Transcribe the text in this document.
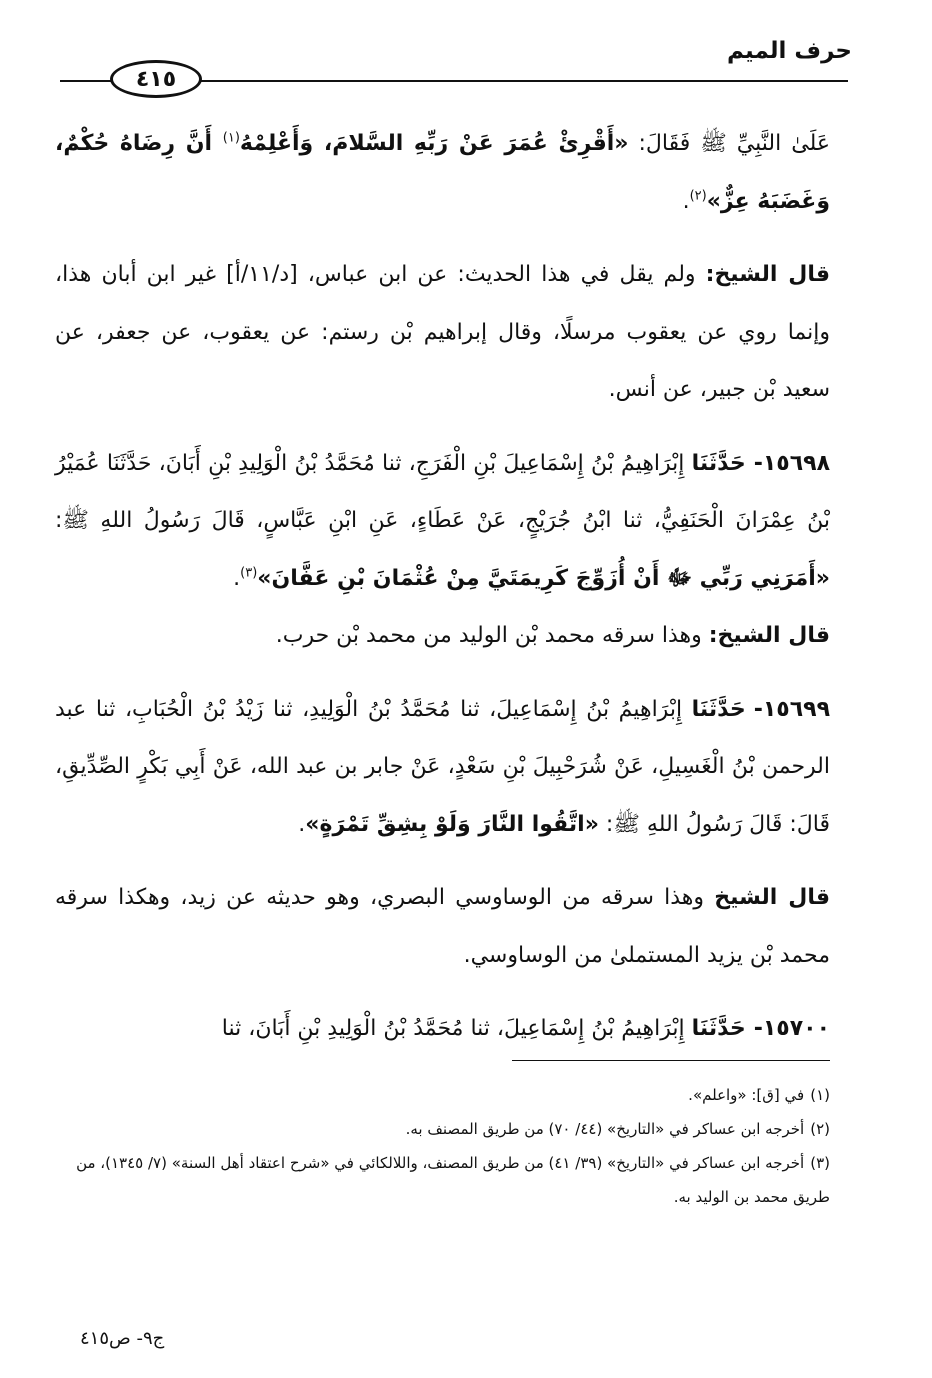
حرف الميم
٤١٥

عَلَىٰ النَّبِيِّ ﷺ فَقَالَ: «أَقْرِئْ عُمَرَ عَنْ رَبِّهِ السَّلامَ، وَأَعْلِمْهُ$^{(١)}$ أَنَّ رِضَاهُ حُكْمٌ، وَغَضَبَهُ عِزٌّ»$^{(٢)}$.

قال الشيخ: ولم يقل في هذا الحديث: عن ابن عباس، [د/١١/أ] غير ابن أبان هذا، وإنما روي عن يعقوب مرسلًا، وقال إبراهيم بْن رستم: عن يعقوب، عن جعفر، عن سعيد بْن جبير، عن أنس.

١٥٦٩٨-حَدَّثَنَا إِبْرَاهِيمُ بْنُ إِسْمَاعِيلَ بْنِ الْفَرَجِ، ثنا مُحَمَّدُ بْنُ الْوَلِيدِ بْنِ أَبَانَ، حَدَّثَنَا عُمَيْرُ بْنُ عِمْرَانَ الْحَنَفِيُّ، ثنا ابْنُ جُرَيْجٍ، عَنْ عَطَاءٍ، عَنِ ابْنِ عَبَّاسٍ، قَالَ رَسُولُ اللهِ ﷺ: «أَمَرَنِي رَبِّي ﷻ أَنْ أُزَوِّجَ كَرِيمَتَيَّ مِنْ عُثْمَانَ بْنِ عَفَّانَ»$^{(٣)}$.

قال الشيخ: وهذا سرقه محمد بْن الوليد من محمد بْن حرب.

١٥٦٩٩-حَدَّثَنَا إِبْرَاهِيمُ بْنُ إِسْمَاعِيلَ، ثنا مُحَمَّدُ بْنُ الْوَلِيدِ، ثنا زَيْدُ بْنُ الْحُبَابِ، ثنا عبد الرحمن بْنُ الْغَسِيلِ، عَنْ شُرَحْبِيلَ بْنِ سَعْدٍ، عَنْ جابر بن عبد الله، عَنْ أَبِي بَكْرٍ الصِّدِّيقِ، قَالَ: قَالَ رَسُولُ اللهِ ﷺ: «اتَّقُوا النَّارَ وَلَوْ بِشِقِّ تَمْرَةٍ».

قال الشيخ وهذا سرقه من الوساوسي البصري، وهو حديثه عن زيد، وهكذا سرقه محمد بْن يزيد المستملىٰ من الوساوسي.

١٥٧٠٠-حَدَّثَنَا إِبْرَاهِيمُ بْنُ إِسْمَاعِيلَ، ثنا مُحَمَّدُ بْنُ الْوَلِيدِ بْنِ أَبَانَ، ثنا

(١)في [ق]: «واعلم».

(٢)أخرجه ابن عساكر في «التاريخ» (٤٤/ ٧٠) من طريق المصنف به.

(٣)أخرجه ابن عساكر في «التاريخ» (٣٩/ ٤١) من طريق المصنف، واللالكائي في «شرح اعتقاد أهل السنة» (٧/ ١٣٤٥)، من طريق محمد بن الوليد به.

ج٩- ص٤١٥
